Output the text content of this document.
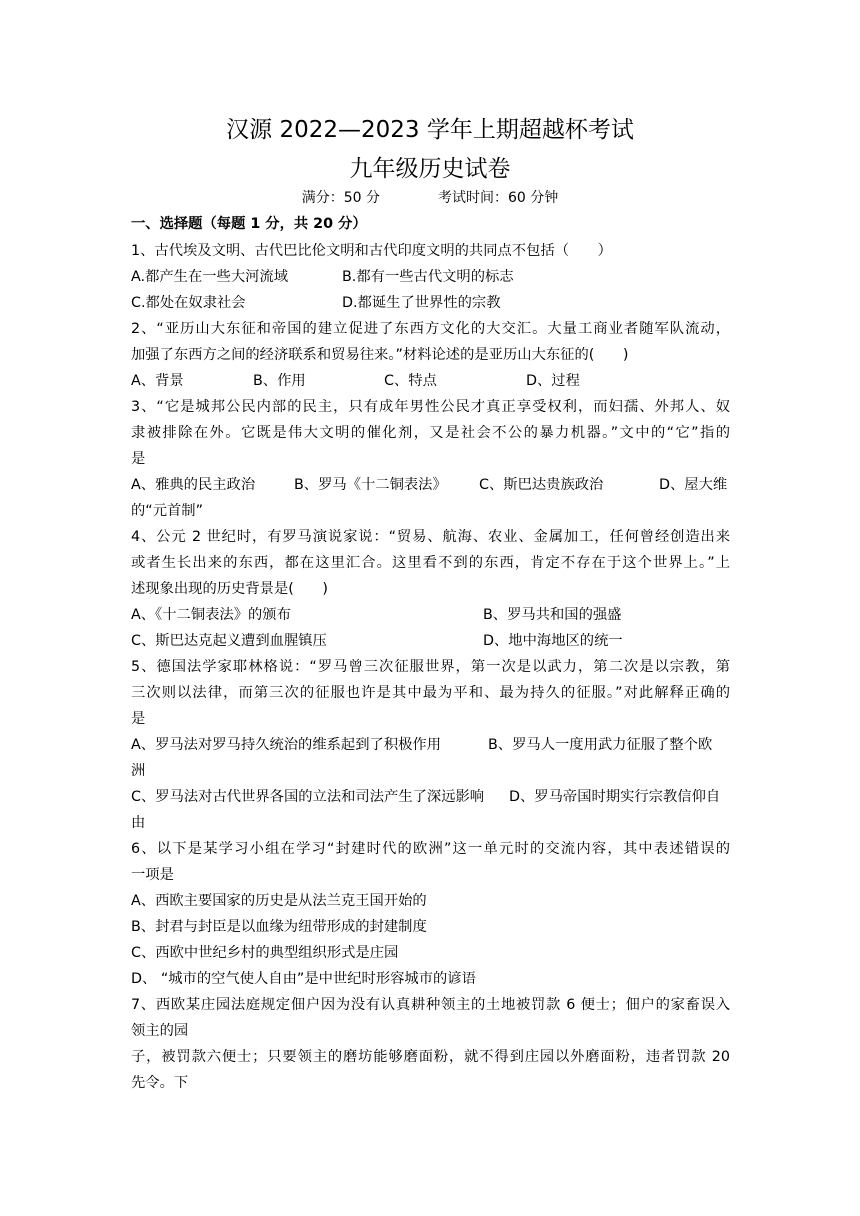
汉源 2022—2023 学年上期超越杯考试
九年级历史试卷
满分：50 分	考试时间：60 分钟
一、选择题（每题 1 分，共 20 分）
1、古代埃及文明、古代巴比伦文明和古代印度文明的共同点不包括（　　）
A.都产生在一些大河流域	B.都有一些古代文明的标志
C.都处在奴隶社会	D.都诞生了世界性的宗教
2、“亚历山大东征和帝国的建立促进了东西方文化的大交汇。大量工商业者随军队流动，
加强了东西方之间的经济联系和贸易往来。”材料论述的是亚历山大东征的(　　)
A、背景	B、作用	C、特点	D、过程
3、“它是城邦公民内部的民主，只有成年男性公民才真正享受权利，而妇孺、外邦人、奴
隶被排除在外。它既是伟大文明的催化剂，又是社会不公的暴力机器。”文中的“它”指的
是
A、雅典的民主政治	B、罗马《十二铜表法》 C、斯巴达贵族政治	D、屋大维
的“元首制”
4、公元 2 世纪时，有罗马演说家说：“贸易、航海、农业、金属加工，任何曾经创造出来
或者生长出来的东西，都在这里汇合。这里看不到的东西，肯定不存在于这个世界上。”上
述现象出现的历史背景是(　　)
A、《十二铜表法》的颁布	B、罗马共和国的强盛
C、斯巴达克起义遭到血腥镇压	D、地中海地区的统一
5、德国法学家耶林格说：“罗马曾三次征服世界，第一次是以武力，第二次是以宗教，第
三次则以法律，而第三次的征服也许是其中最为平和、最为持久的征服。”对此解释正确的
是
A、罗马法对罗马持久统治的维系起到了积极作用	B、罗马人一度用武力征服了整个欧
洲
C、罗马法对古代世界各国的立法和司法产生了深远影响 D、罗马帝国时期实行宗教信仰自
由
6、以下是某学习小组在学习“封建时代的欧洲”这一单元时的交流内容，其中表述错误的
一项是
A、西欧主要国家的历史是从法兰克王国开始的
B、封君与封臣是以血缘为纽带形成的封建制度
C、西欧中世纪乡村的典型组织形式是庄园
D、 “城市的空气使人自由”是中世纪时形容城市的谚语
7、西欧某庄园法庭规定佃户因为没有认真耕种领主的土地被罚款 6 便士；佃户的家畜误入
领主的园
子，被罚款六便士；只要领主的磨坊能够磨面粉，就不得到庄园以外磨面粉，违者罚款 20
先令。下
